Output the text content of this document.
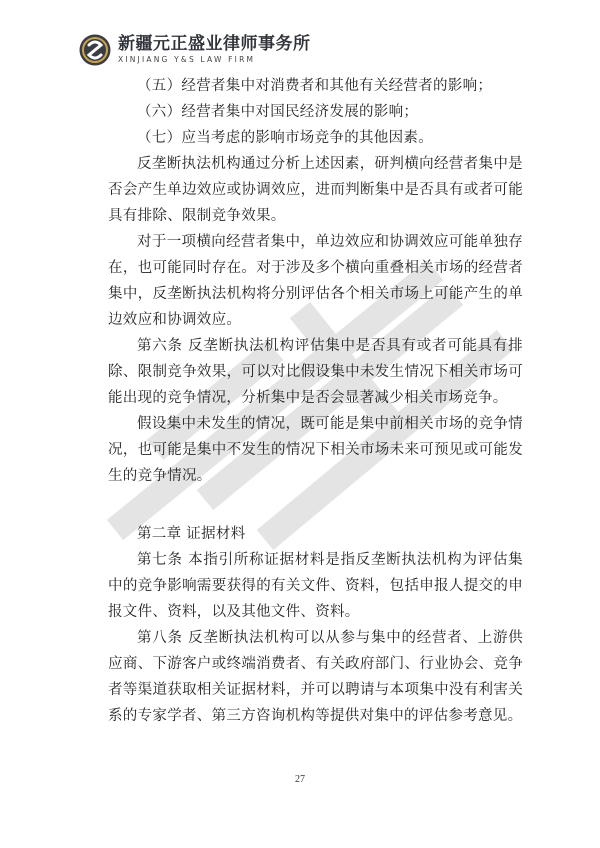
新疆元正盛业律师事务所
XINJIANG Y&S LAW FIRM

（五）经营者集中对消费者和其他有关经营者的影响；

（六）经营者集中对国民经济发展的影响；

（七）应当考虑的影响市场竞争的其他因素。

反垄断执法机构通过分析上述因素，研判横向经营者集中是否会产生单边效应或协调效应，进而判断集中是否具有或者可能具有排除、限制竞争效果。

对于一项横向经营者集中，单边效应和协调效应可能单独存在，也可能同时存在。对于涉及多个横向重叠相关市场的经营者集中，反垄断执法机构将分别评估各个相关市场上可能产生的单边效应和协调效应。

第六条 反垄断执法机构评估集中是否具有或者可能具有排除、限制竞争效果，可以对比假设集中未发生情况下相关市场可能出现的竞争情况，分析集中是否会显著减少相关市场竞争。

假设集中未发生的情况，既可能是集中前相关市场的竞争情况，也可能是集中不发生的情况下相关市场未来可预见或可能发生的竞争情况。

第二章 证据材料

第七条 本指引所称证据材料是指反垄断执法机构为评估集中的竞争影响需要获得的有关文件、资料，包括申报人提交的申报文件、资料，以及其他文件、资料。

第八条 反垄断执法机构可以从参与集中的经营者、上游供应商、下游客户或终端消费者、有关政府部门、行业协会、竞争者等渠道获取相关证据材料，并可以聘请与本项集中没有利害关系的专家学者、第三方咨询机构等提供对集中的评估参考意见。

27
